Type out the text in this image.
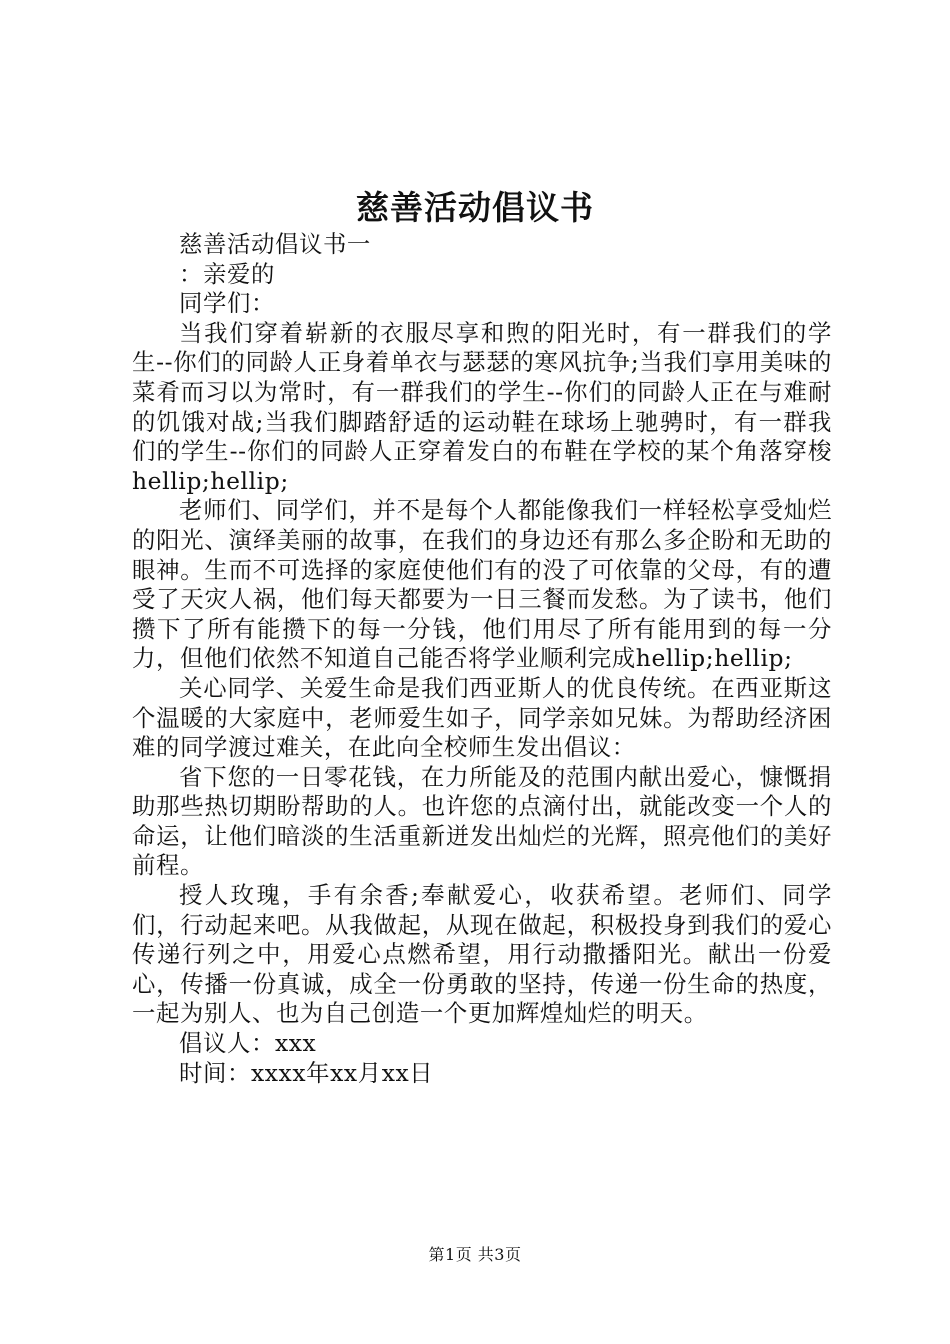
慈善活动倡议书
慈善活动倡议书一
：亲爱的
同学们：

当我们穿着崭新的衣服尽享和煦的阳光时，有一群我们的学生--你们的同龄人正身着单衣与瑟瑟的寒风抗争;当我们享用美味的菜肴而习以为常时，有一群我们的学生--你们的同龄人正在与难耐的饥饿对战;当我们脚踏舒适的运动鞋在球场上驰骋时，有一群我们的学生--你们的同龄人正穿着发白的布鞋在学校的某个角落穿梭hellip;hellip;

老师们、同学们，并不是每个人都能像我们一样轻松享受灿烂的阳光、演绎美丽的故事，在我们的身边还有那么多企盼和无助的眼神。生而不可选择的家庭使他们有的没了可依靠的父母，有的遭受了天灾人祸，他们每天都要为一日三餐而发愁。为了读书，他们攒下了所有能攒下的每一分钱，他们用尽了所有能用到的每一分力，但他们依然不知道自己能否将学业顺利完成hellip;hellip;

关心同学、关爱生命是我们西亚斯人的优良传统。在西亚斯这个温暖的大家庭中，老师爱生如子，同学亲如兄妹。为帮助经济困难的同学渡过难关，在此向全校师生发出倡议：

省下您的一日零花钱，在力所能及的范围内献出爱心，慷慨捐助那些热切期盼帮助的人。也许您的点滴付出，就能改变一个人的命运，让他们暗淡的生活重新迸发出灿烂的光辉，照亮他们的美好前程。

授人玫瑰，手有余香;奉献爱心，收获希望。老师们、同学们，行动起来吧。从我做起，从现在做起，积极投身到我们的爱心传递行列之中，用爱心点燃希望，用行动撒播阳光。献出一份爱心，传播一份真诚，成全一份勇敢的坚持，传递一份生命的热度，一起为别人、也为自己创造一个更加辉煌灿烂的明天。

倡议人：xxx
时间：xxxx年xx月xx日
第1页 共3页
